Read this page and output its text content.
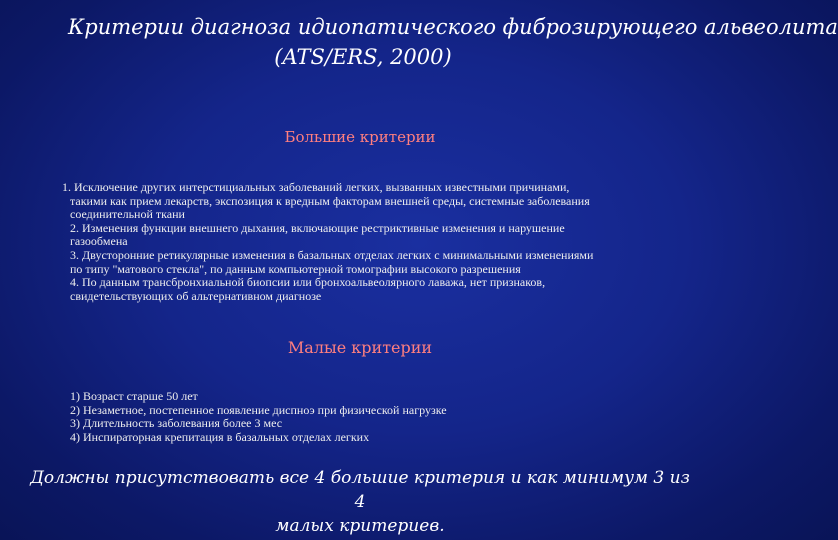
Критерии диагноза идиопатического фиброзирующего альвеолита
(ATS/ERS, 2000)
Большие критерии
1. Исключение других интерстициальных заболеваний легких, вызванных известными причинами,
такими как прием лекарств, экспозиция к вредным факторам внешней среды, системные заболевания
соединительной ткани
2. Изменения функции внешнего дыхания, включающие рестриктивные изменения и нарушение
газообмена
3. Двусторонние ретикулярные изменения в базальных отделах легких с минимальными изменениями
по типу "матового стекла", по данным компьютерной томографии высокого разрешения
4. По данным трансбронхиальной биопсии или бронхоальвеолярного лаважа, нет признаков,
свидетельствующих об альтернативном диагнозе
Малые критерии
1) Возраст старше 50 лет
2) Незаметное, постепенное появление диспноэ при физической нагрузке
3) Длительность заболевания более 3 мес
4) Инспираторная крепитация в базальных отделах легких
Должны присутствовать все 4 большие критерия и как минимум 3 из 4
малых критериев.
